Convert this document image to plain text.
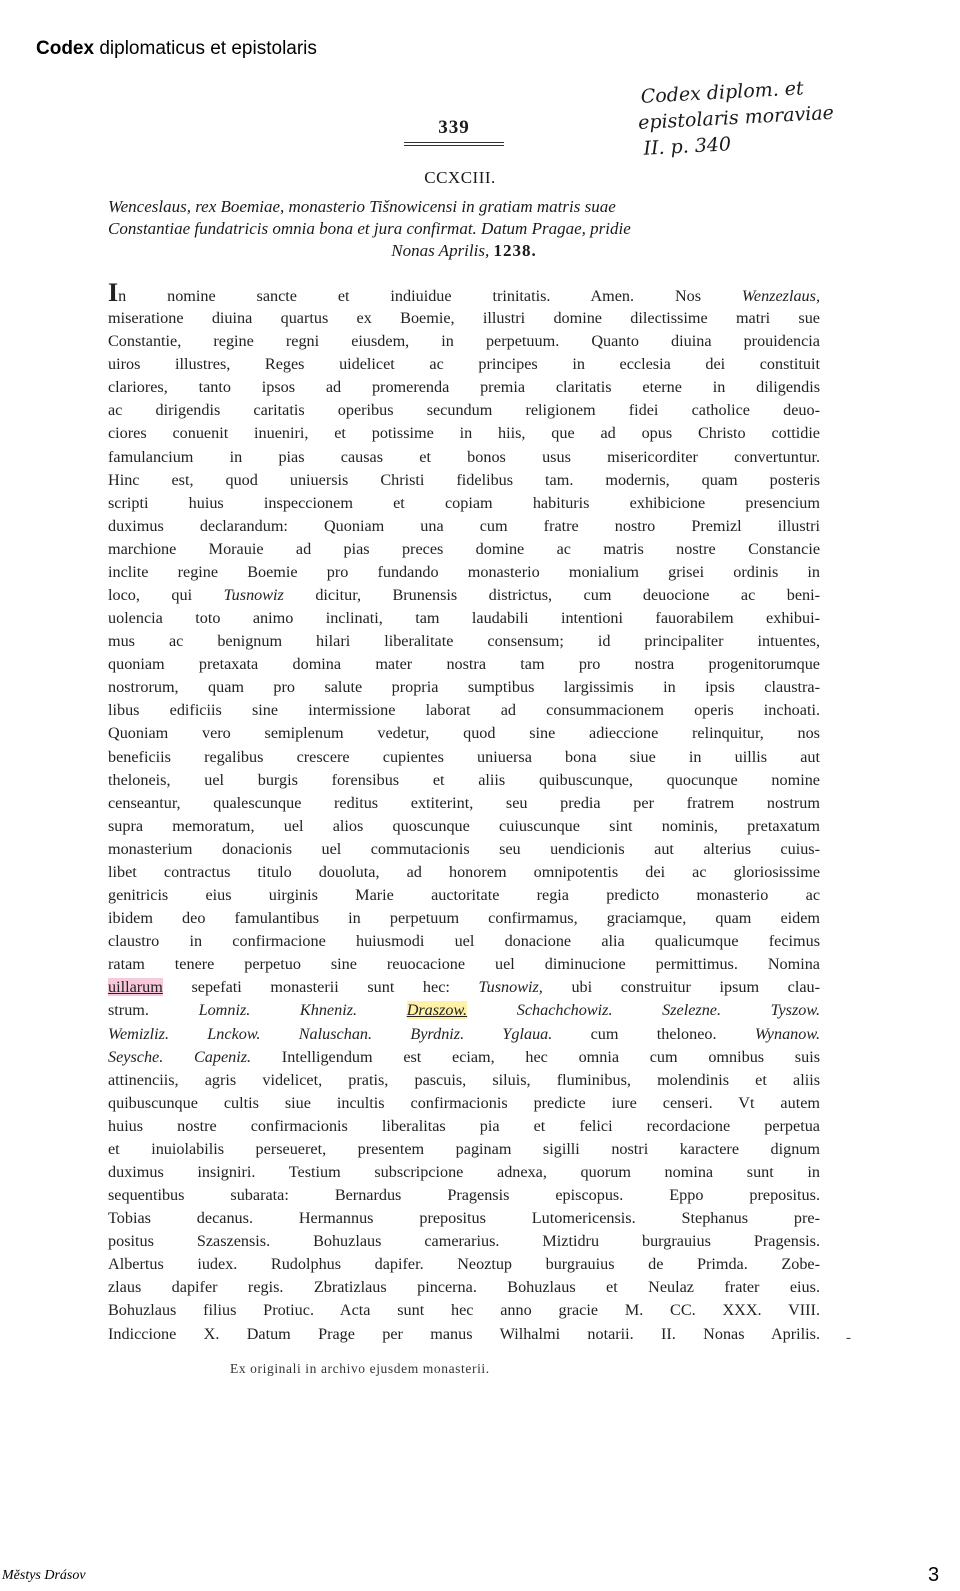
Codex diplomaticus et epistolaris
Codex diplom. et
epistolaris moraviae
II. p. 340
339
CCXCIII.
Wenceslaus, rex Boemiae, monasterio Tišnowicensi in gratiam matris suae
Constantiae fundatricis omnia bona et jura confirmat. Datum Pragae, pridie
Nonas Aprilis, 1238.
In nomine sancte et indiuidue trinitatis. Amen. Nos Wenzezlaus,
miseratione diuina quartus ex Boemie, illustri domine dilectissime matri sue
Constantie, regine regni eiusdem, in perpetuum. Quanto diuina prouidencia
uiros illustres, Reges uidelicet ac principes in ecclesia dei constituit
clariores, tanto ipsos ad promerenda premia claritatis eterne in diligendis
ac dirigendis caritatis operibus secundum religionem fidei catholice deuo-
ciores conuenit inueniri, et potissime in hiis, que ad opus Christo cottidie
famulancium in pias causas et bonos usus misericorditer convertuntur.
Hinc est, quod uniuersis Christi fidelibus tam. modernis, quam posteris
scripti huius inspeccionem et copiam habituris exhibicione presencium
duximus declarandum: Quoniam una cum fratre nostro Premizl illustri
marchione Morauie ad pias preces domine ac matris nostre Constancie
inclite regine Boemie pro fundando monasterio monialium grisei ordinis in
loco, qui Tusnowiz dicitur, Brunensis districtus, cum deuocione ac beni-
uolencia toto animo inclinati, tam laudabili intentioni fauorabilem exhibui-
mus ac benignum hilari liberalitate consensum; id principaliter intuentes,
quoniam pretaxata domina mater nostra tam pro nostra progenitorumque
nostrorum, quam pro salute propria sumptibus largissimis in ipsis claustra-
libus edificiis sine intermissione laborat ad consummacionem operis inchoati.
Quoniam vero semiplenum vedetur, quod sine adieccione relinquitur, nos
beneficiis regalibus crescere cupientes uniuersa bona siue in uillis aut
theloneis, uel burgis forensibus et aliis quibuscunque, quocunque nomine
censeantur, qualescunque reditus extiterint, seu predia per fratrem nostrum
supra memoratum, uel alios quoscunque cuiuscunque sint nominis, pretaxatum
monasterium donacionis uel commutacionis seu uendicionis aut alterius cuius-
libet contractus titulo douoluta, ad honorem omnipotentis dei ac gloriosissime
genitricis eius uirginis Marie auctoritate regia predicto monasterio ac
ibidem deo famulantibus in perpetuum confirmamus, graciamque, quam eidem
claustro in confirmacione huiusmodi uel donacione alia qualicumque fecimus
ratam tenere perpetuo sine reuocacione uel diminucione permittimus. Nomina
uillarum sepefati monasterii sunt hec: Tusnowiz, ubi construitur ipsum clau-
strum. Lomniz. Khneniz. Draszow. Schachchowiz. Szelezne. Tyszow.
Wemizliz. Lnckow. Naluschan. Byrdniz. Yglaua. cum theloneo. Wynanow.
Seysche. Capeniz. Intelligendum est eciam, hec omnia cum omnibus suis
attinenciis, agris videlicet, pratis, pascuis, siluis, fluminibus, molendinis et aliis
quibuscunque cultis siue incultis confirmacionis predicte iure censeri. Vt autem
huius nostre confirmacionis liberalitas pia et felici recordacione perpetua
et inuiolabilis perseueret, presentem paginam sigilli nostri karactere dignum
duximus insigniri. Testium subscripcione adnexa, quorum nomina sunt in
sequentibus subarata: Bernardus Pragensis episcopus. Eppo prepositus.
Tobias decanus. Hermannus prepositus Lutomericensis. Stephanus pre-
positus Szaszensis. Bohuzlaus camerarius. Miztidru burgrauius Pragensis.
Albertus iudex. Rudolphus dapifer. Neoztup burgrauius de Primda. Zobe-
zlaus dapifer regis. Zbratizlaus pincerna. Bohuzlaus et Neulaz frater eius.
Bohuzlaus filius Protiuc. Acta sunt hec anno gracie M. CC. XXX. VIII.
Indiccione X. Datum Prage per manus Wilhalmi notarii. II. Nonas Aprilis. -
Ex originali in archivo ejusdem monasterii.
Městys Drásov	3
